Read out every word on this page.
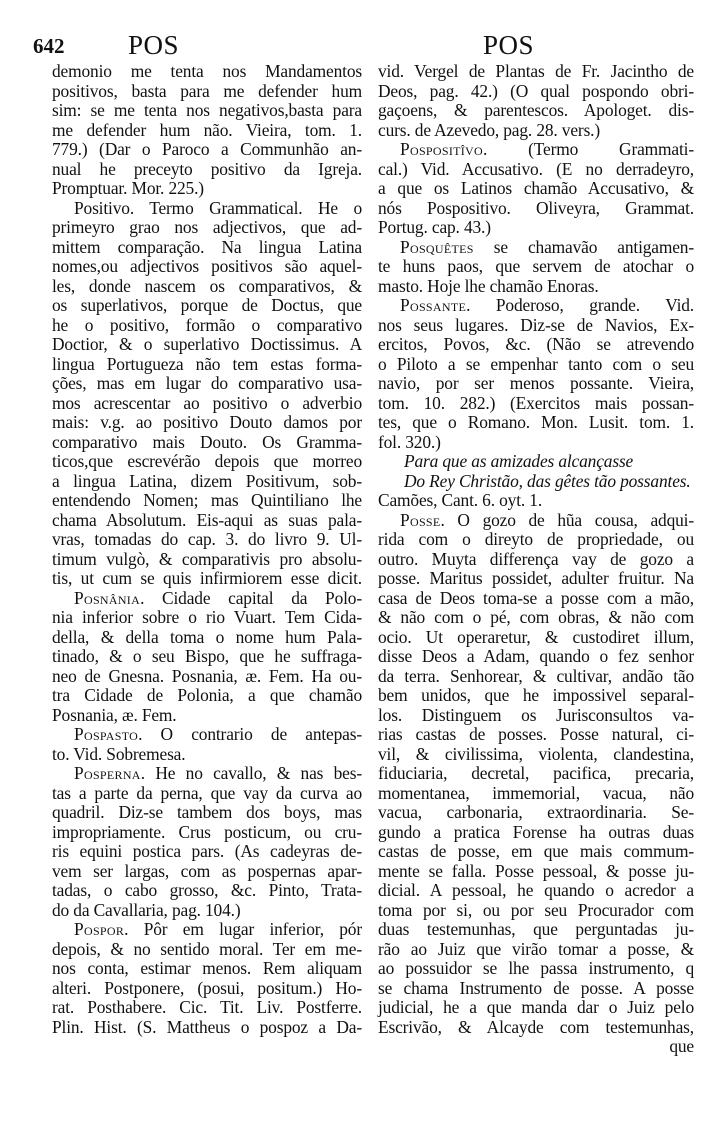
642 POS	POS
demonio me tenta nos Mandamentos
positivos, basta para me defender hum
sim: se me tenta nos negativos,basta para
me defender hum não. Vieira, tom. 1.
779.) (Dar o Paroco a Communhão an-
nual he preceyto positivo da Igreja.
Promptuar. Mor. 225.)
Positivo. Termo Grammatical. He o
primeyro grao nos adjectivos, que ad-
mittem comparação. Na lingua Latina
nomes,ou adjectivos positivos são aquel-
les, donde nascem os comparativos, &
os superlativos, porque de Doctus, que
he o positivo, formão o comparativo
Doctior, & o superlativo Doctissimus. A
lingua Portugueza não tem estas forma-
ções, mas em lugar do comparativo usa-
mos acrescentar ao positivo o adverbio
mais: v.g. ao positivo Douto damos por
comparativo mais Douto. Os Gramma-
ticos,que escrevérão depois que morreo
a lingua Latina, dizem Positivum, sob-
entendendo Nomen; mas Quintiliano lhe
chama Absolutum. Eis-aqui as suas pala-
vras, tomadas do cap. 3. do livro 9. Ul-
timum vulgò, & comparativis pro absolu-
tis, ut cum se quis infirmiorem esse dicit.
Posnânia. Cidade capital da Polo-
nia inferior sobre o rio Vuart. Tem Cida-
della, & della toma o nome hum Pala-
tinado, & o seu Bispo, que he suffraga-
neo de Gnesna. Posnania, æ. Fem. Ha ou-
tra Cidade de Polonia, a que chamão
Posnania, æ. Fem.
Pospasto. O contrario de antepas-
to. Vid. Sobremesa.
Posperna. He no cavallo, & nas bes-
tas a parte da perna, que vay da curva ao
quadril. Diz-se tambem dos boys, mas
impropriamente. Crus posticum, ou cru-
ris equini postica pars. (As cadeyras de-
vem ser largas, com as pospernas apar-
tadas, o cabo grosso, &c. Pinto, Trata-
do da Cavallaria, pag. 104.)
Pospor. Pôr em lugar inferior, pór
depois, & no sentido moral. Ter em me-
nos conta, estimar menos. Rem aliquam
alteri. Postponere, (posui, positum.) Ho-
rat. Posthabere. Cic. Tit. Liv. Postferre.
Plin. Hist. (S. Mattheus o pospoz a Da-
vid. Vergel de Plantas de Fr. Jacintho de
Deos, pag. 42.) (O qual pospondo obri-
gaçoens, & parentescos. Apologet. dis-
curs. de Azevedo, pag. 28. vers.)
Pospositîvo. (Termo Grammati-
cal.) Vid. Accusativo. (E no derradeyro,
a que os Latinos chamão Accusativo, &
nós Pospositivo. Oliveyra, Grammat.
Portug. cap. 43.)
Posquêtes se chamavão antigamen-
te huns paos, que servem de atochar o
masto. Hoje lhe chamão Enoras.
Possante. Poderoso, grande. Vid.
nos seus lugares. Diz-se de Navios, Ex-
ercitos, Povos, &c. (Não se atrevendo
o Piloto a se empenhar tanto com o seu
navio, por ser menos possante. Vieira,
tom. 10. 282.) (Exercitos mais possan-
tes, que o Romano. Mon. Lusit. tom. 1.
fol. 320.)
Para que as amizades alcançasse
Do Rey Christão, das gêtes tão possantes.
Camões, Cant. 6. oyt. 1.
Posse. O gozo de hũa cousa, adqui-
rida com o direyto de propriedade, ou
outro. Muyta differença vay de gozo a
posse. Maritus possidet, adulter fruitur. Na
casa de Deos toma-se a posse com a mão,
& não com o pé, com obras, & não com
ocio. Ut operaretur, & custodiret illum,
disse Deos a Adam, quando o fez senhor
da terra. Senhorear, & cultivar, andão tão
bem unidos, que he impossivel separal-
los. Distinguem os Jurisconsultos va-
rias castas de posses. Posse natural, ci-
vil, & civilissima, violenta, clandestina,
fiduciaria, decretal, pacifica, precaria,
momentanea, immemorial, vacua, não
vacua, carbonaria, extraordinaria. Se-
gundo a pratica Forense ha outras duas
castas de posse, em que mais commum-
mente se falla. Posse pessoal, & posse ju-
dicial. A pessoal, he quando o acredor a
toma por si, ou por seu Procurador com
duas testemunhas, que perguntadas ju-
rão ao Juiz que virão tomar a posse, &
ao possuidor se lhe passa instrumento, q
se chama Instrumento de posse. A posse
judicial, he a que manda dar o Juiz pelo
Escrivão, & Alcayde com testemunhas,
que
